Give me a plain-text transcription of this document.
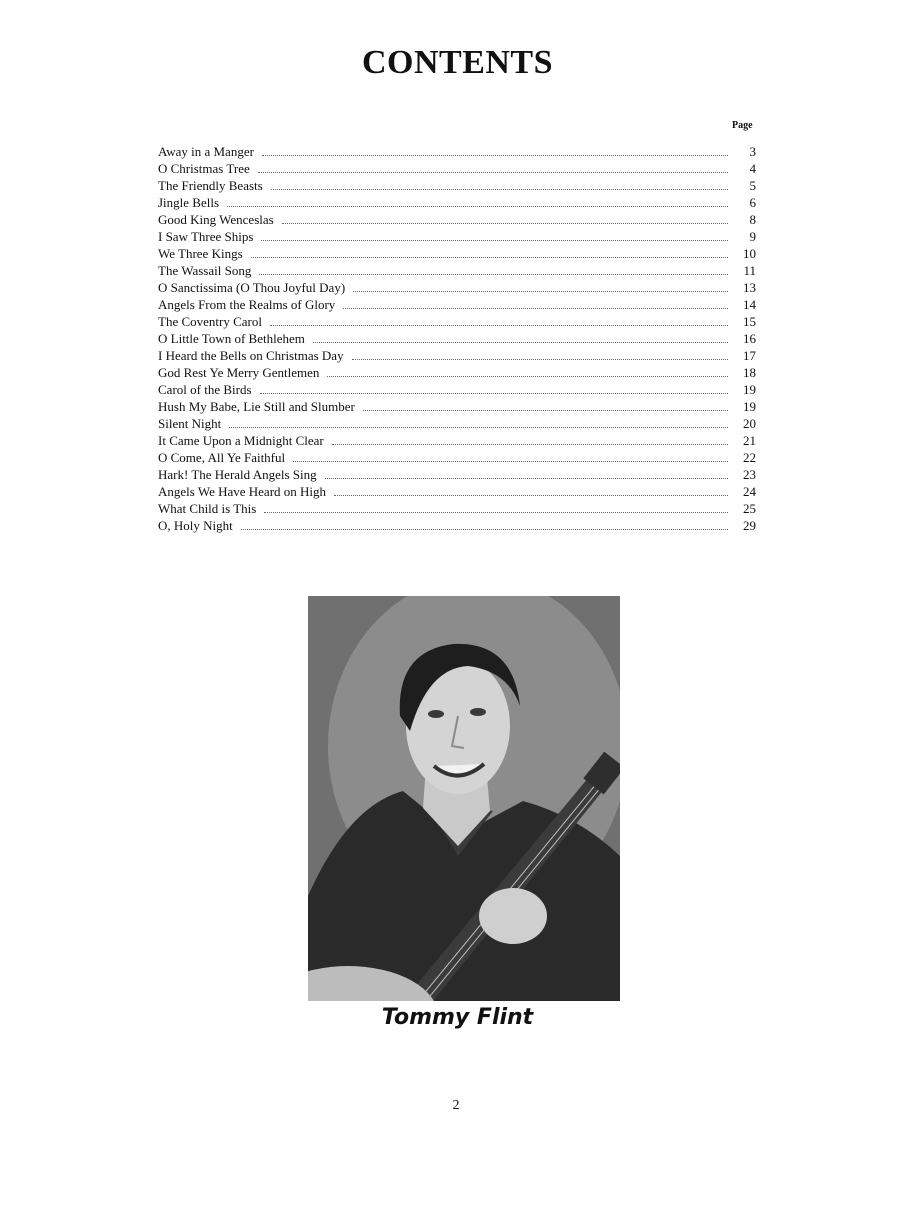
CONTENTS
Page
Away in a Manger	3
O Christmas Tree	4
The Friendly Beasts	5
Jingle Bells	6
Good King Wenceslas	8
I Saw Three Ships	9
We Three Kings	10
The Wassail Song	11
O Sanctissima (O Thou Joyful Day)	13
Angels From the Realms of Glory	14
The Coventry Carol	15
O Little Town of Bethlehem	16
I Heard the Bells on Christmas Day	17
God Rest Ye Merry Gentlemen	18
Carol of the Birds	19
Hush My Babe, Lie Still and Slumber	19
Silent Night	20
It Came Upon a Midnight Clear	21
O Come, All Ye Faithful	22
Hark! The Herald Angels Sing	23
Angels We Have Heard on High	24
What Child is This	25
O, Holy Night	29
Tommy Flint
2
